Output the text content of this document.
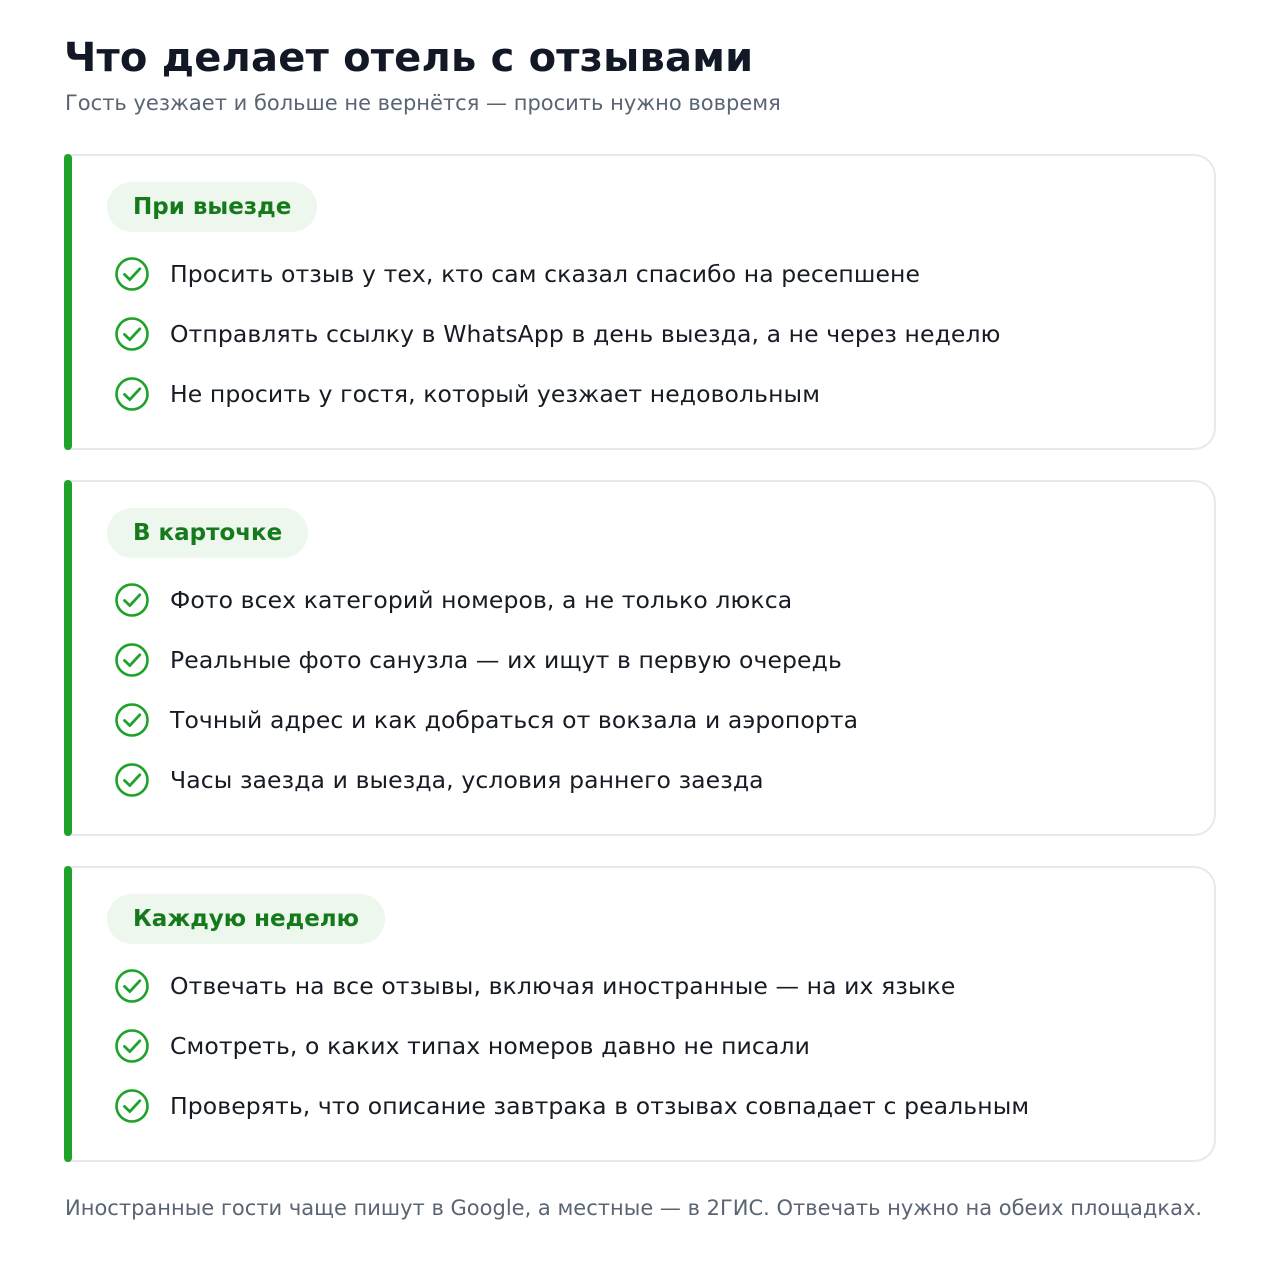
Что делает отель с отзывами
Гость уезжает и больше не вернётся — просить нужно вовремя
При выезде
Просить отзыв у тех, кто сам сказал спасибо на ресепшене
Отправлять ссылку в WhatsApp в день выезда, а не через неделю
Не просить у гостя, который уезжает недовольным
В карточке
Фото всех категорий номеров, а не только люкса
Реальные фото санузла — их ищут в первую очередь
Точный адрес и как добраться от вокзала и аэропорта
Часы заезда и выезда, условия раннего заезда
Каждую неделю
Отвечать на все отзывы, включая иностранные — на их языке
Смотреть, о каких типах номеров давно не писали
Проверять, что описание завтрака в отзывах совпадает с реальным
Иностранные гости чаще пишут в Google, а местные — в 2ГИС. Отвечать нужно на обеих площадках.
